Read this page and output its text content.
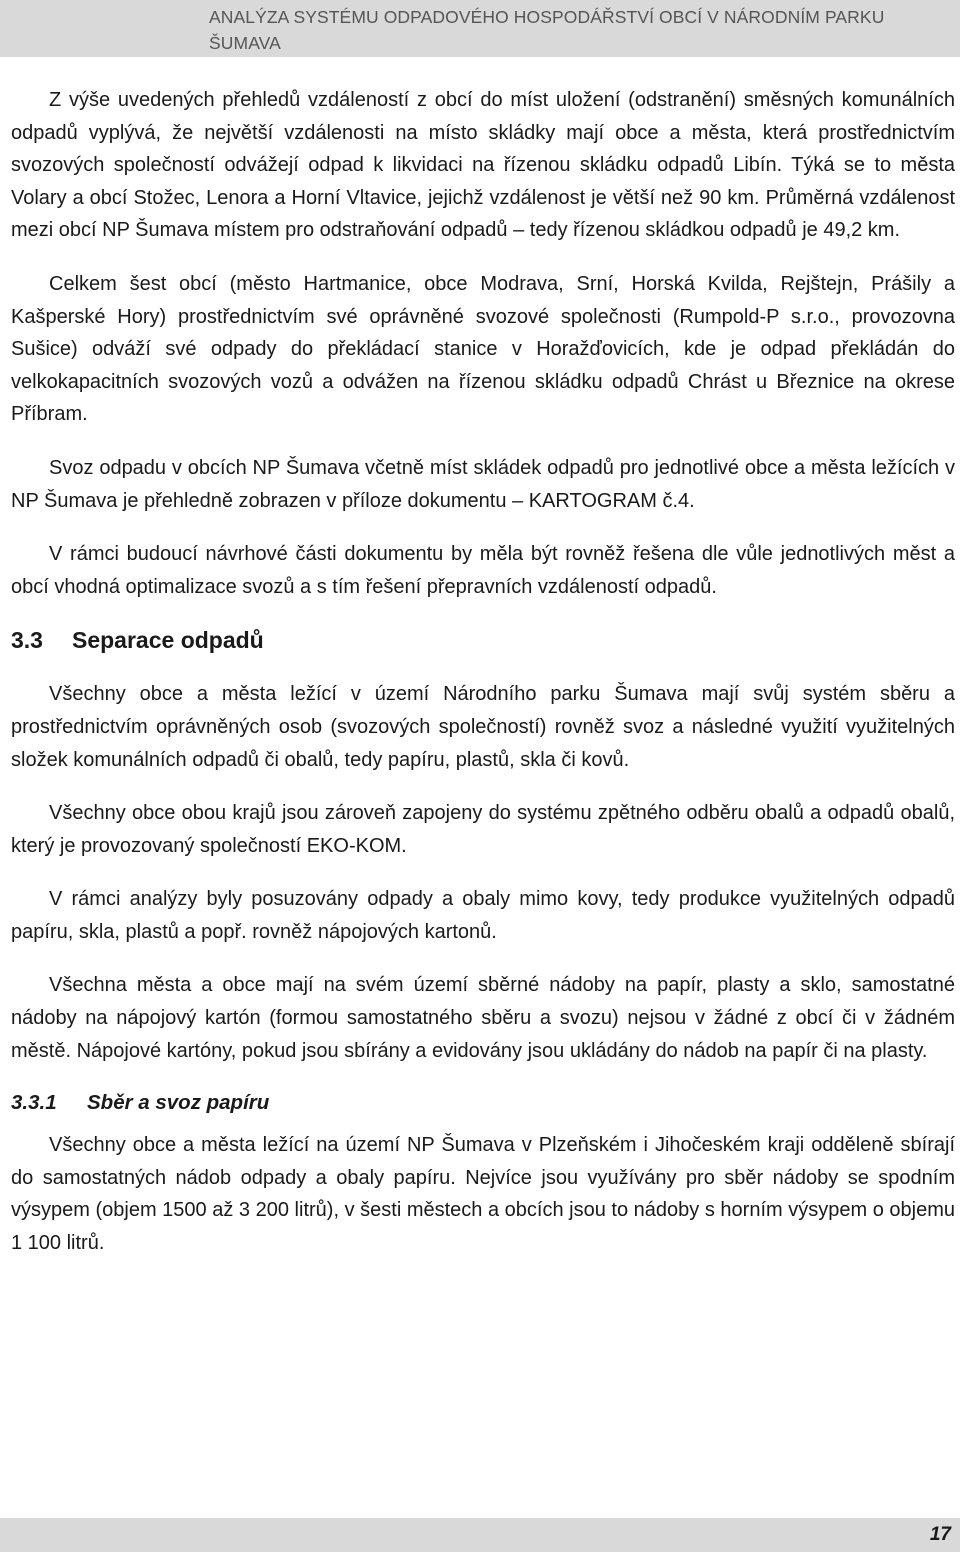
ANALÝZA SYSTÉMU ODPADOVÉHO HOSPODÁŘSTVÍ OBCÍ V NÁRODNÍM PARKU ŠUMAVA

Z výše uvedených přehledů vzdáleností z obcí do míst uložení (odstranění) směsných komunálních odpadů vyplývá, že největší vzdálenosti na místo skládky mají obce a města, která prostřednictvím svozových společností odvážejí odpad k likvidaci na řízenou skládku odpadů Libín. Týká se to města Volary a obcí Stožec, Lenora a Horní Vltavice, jejichž vzdálenost je větší než 90 km. Průměrná vzdálenost mezi obcí NP Šumava místem pro odstraňování odpadů – tedy řízenou skládkou odpadů je 49,2 km.

Celkem šest obcí (město Hartmanice, obce Modrava, Srní, Horská Kvilda, Rejštejn, Prášily a Kašperské Hory) prostřednictvím své oprávněné svozové společnosti (Rumpold-P s.r.o., provozovna Sušice) odváží své odpady do překládací stanice v Horažďovicích, kde je odpad překládán do velkokapacitních svozových vozů a odvážen na řízenou skládku odpadů Chrást u Březnice na okrese Příbram.

Svoz odpadu v obcích NP Šumava včetně míst skládek odpadů pro jednotlivé obce a města ležících v NP Šumava je přehledně zobrazen v příloze dokumentu – KARTOGRAM č.4.

V rámci budoucí návrhové části dokumentu by měla být rovněž řešena dle vůle jednotlivých měst a obcí vhodná optimalizace svozů a s tím řešení přepravních vzdáleností odpadů.

3.3 Separace odpadů

Všechny obce a města ležící v území Národního parku Šumava mají svůj systém sběru a prostřednictvím oprávněných osob (svozových společností) rovněž svoz a následné využití využitelných složek komunálních odpadů či obalů, tedy papíru, plastů, skla či kovů.

Všechny obce obou krajů jsou zároveň zapojeny do systému zpětného odběru obalů a odpadů obalů, který je provozovaný společností EKO-KOM.

V rámci analýzy byly posuzovány odpady a obaly mimo kovy, tedy produkce využitelných odpadů papíru, skla, plastů a popř. rovněž nápojových kartonů.

Všechna města a obce mají na svém území sběrné nádoby na papír, plasty a sklo, samostatné nádoby na nápojový kartón (formou samostatného sběru a svozu) nejsou v žádné z obcí či v žádném městě. Nápojové kartóny, pokud jsou sbírány a evidovány jsou ukládány do nádob na papír či na plasty.

3.3.1 Sběr a svoz papíru

Všechny obce a města ležící na území NP Šumava v Plzeňském i Jihočeském kraji odděleně sbírají do samostatných nádob odpady a obaly papíru. Nejvíce jsou využívány pro sběr nádoby se spodním výsypem (objem 1500 až 3 200 litrů), v šesti městech a obcích jsou to nádoby s horním výsypem o objemu 1 100 litrů.

17
